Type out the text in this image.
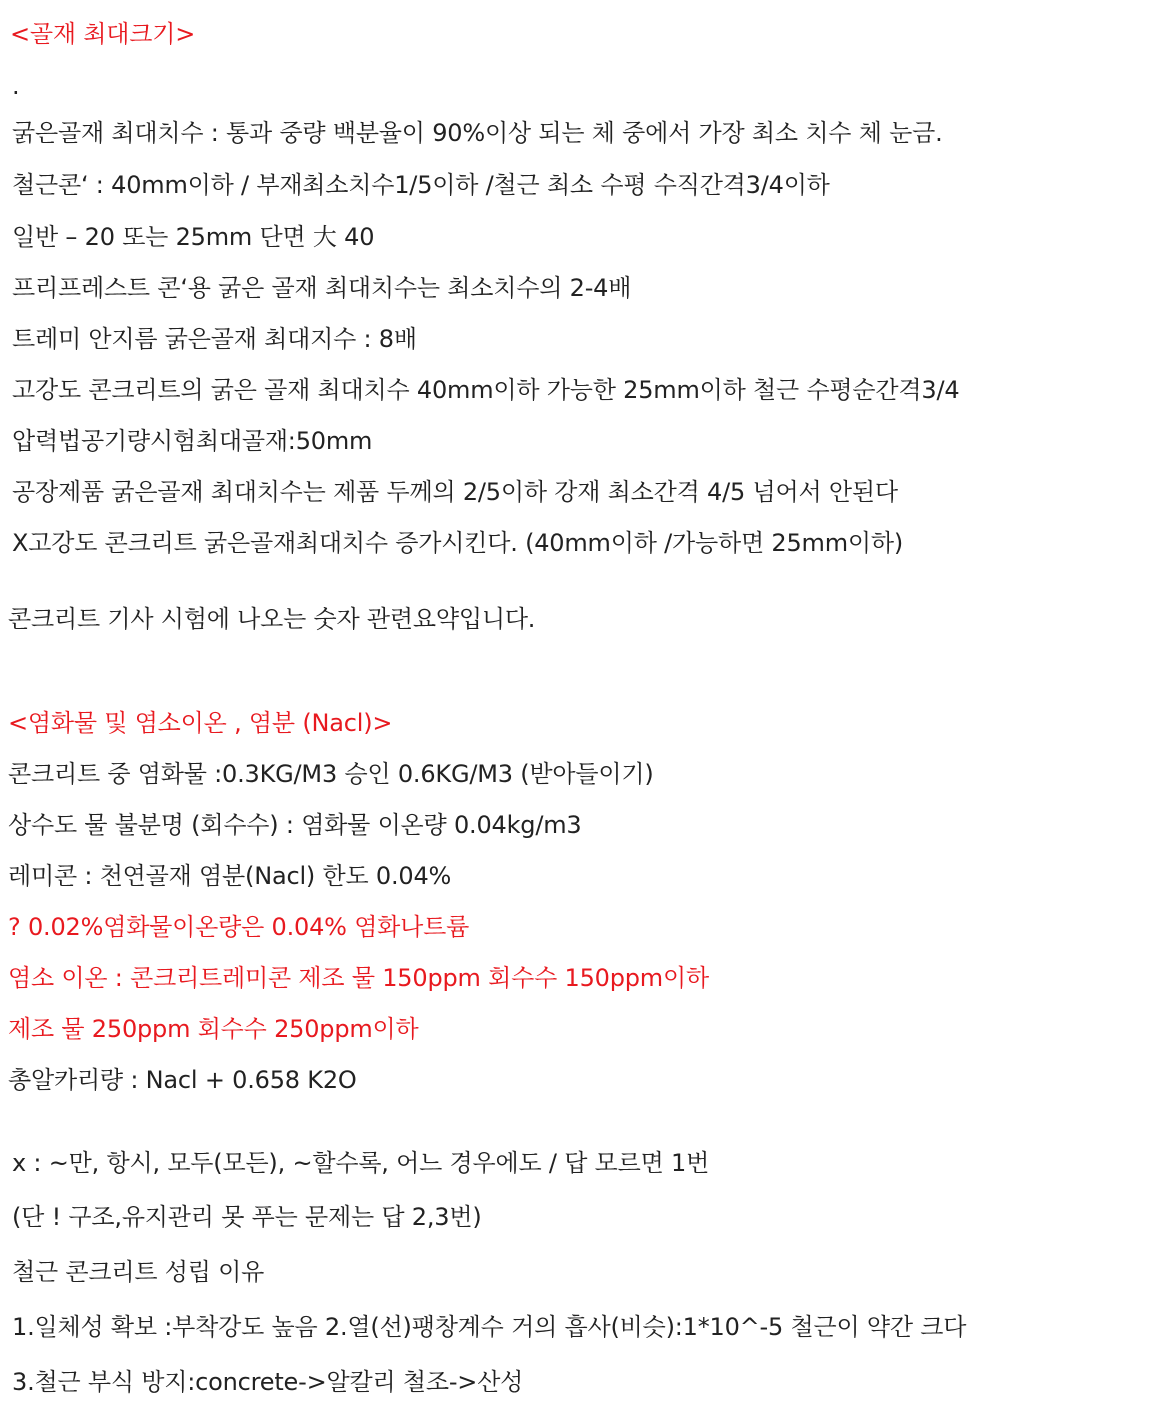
<골재 최대크기>
.
굵은골재 최대치수 : 통과 중량 백분율이 90%이상 되는 체 중에서 가장 최소 치수 체 눈금.
철근콘‘ : 40mm이하 / 부재최소치수1/5이하 /철근 최소 수평 수직간격3/4이하
일반 – 20 또는 25mm 단면 大 40
프리프레스트 콘‘용 굵은 골재 최대치수는 최소치수의 2-4배
트레미 안지름 굵은골재 최대지수 : 8배
고강도 콘크리트의 굵은 골재 최대치수 40mm이하 가능한 25mm이하 철근 수평순간격3/4
압력법공기량시험최대골재:50mm
공장제품 굵은골재 최대치수는 제품 두께의 2/5이하 강재 최소간격 4/5 넘어서 안된다
X고강도 콘크리트 굵은골재최대치수 증가시킨다. (40mm이하 /가능하면 25mm이하)
콘크리트 기사 시험에 나오는 숫자 관련요약입니다.
<염화물 및 염소이온 , 염분 (Nacl)>
콘크리트 중 염화물 :0.3KG/M3 승인 0.6KG/M3 (받아들이기)
상수도 물 불분명 (회수수) : 염화물 이온량 0.04kg/m3
레미콘 : 천연골재 염분(Nacl) 한도 0.04%
? 0.02%염화물이온량은 0.04% 염화나트륨
염소 이온 : 콘크리트레미콘 제조 물 150ppm 회수수 150ppm이하
제조 물 250ppm 회수수 250ppm이하
총알카리량 : Nacl + 0.658 K2O
x : ~만, 항시, 모두(모든), ~할수록, 어느 경우에도 / 답 모르면 1번
(단 ! 구조,유지관리 못 푸는 문제는 답 2,3번)
철근 콘크리트 성립 이유
1.일체성 확보 :부착강도 높음 2.열(선)팽창계수 거의 흡사(비슷):1*10^-5 철근이 약간 크다
3.철근 부식 방지:concrete->알칼리 철조->산성
